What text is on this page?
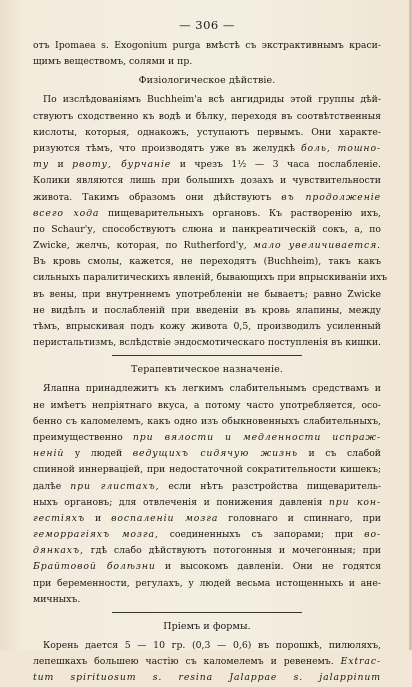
— 306 —
отъ Ipomaea s. Exogonium purga вмѣстѣ съ экстрактивнымъ краси-
щимъ веществомъ, солями и пр.
Физіологическое дѣйствіе.
По изслѣдованіямъ Buchheim'a всѣ ангидриды этой группы дѣй-
ствуютъ сходственно къ водѣ и бѣлку, переходя въ соотвѣтственныя
кислоты, которыя, однакожъ, уступаютъ первымъ. Они характе-
ризуются тѣмъ, что производятъ уже въ желудкѣ боль, тошно-
ту и рвоту, бурчаніе и чрезъ 1½ — 3 часа послабленіе.
Колики являются лишь при большихъ дозахъ и чувствительности
живота. Такимъ образомъ они дѣйствуютъ въ продолженіе
всего хода пищеварительныхъ органовъ. Къ растворенію ихъ,
по Schaur'у, способствуютъ слюна и панкреатическій сокъ, а, по
Zwicke, желчь, которая, по Rutherford'у, мало увеличивается.
Въ кровь смолы, кажется, не переходятъ (Buchheim), такъ какъ
сильныхъ паралитическихъ явленій, бывающихъ при впрыскиваніи ихъ
въ вены, при внутреннемъ употребленіи не бываетъ; равно Zwicke
не видѣлъ и послабленій при введеніи въ кровь ялапины, между
тѣмъ, впрыскивая подъ кожу живота 0,5, производилъ усиленный
перистальтизмъ, вслѣдствіе эндосмотическаго поступленія въ кишки.
Терапевтическое назначеніе.
Ялапна принадлежитъ къ легкимъ слабительнымъ средствамъ и
не имѣетъ непріятнаго вкуса, а потому часто употребляется, осо-
бенно съ каломелемъ, какъ одно изъ обыкновенныхъ слабительныхъ,
преимущественно при вялости и медленности испраж-
неній у людей ведущихъ сидячую жизнь и съ слабой
спинной иннерваціей, при недостаточной сократительности кишекъ;
далѣе при глистахъ, если нѣтъ разстройства пищеваритель-
ныхъ органовъ; для отвлеченія и понижения давленія при кон-
гестіяхъ и воспаленіи мозга головнаго и спиннаго, при
геморрагіяхъ мозга, соединенныхъ съ запорами; при во-
дянкахъ, гдѣ слабо дѣйствуютъ потогонныя и мочегонныя; при
Брайтовой болѣзни и высокомъ давленіи. Они не годятся
при беременности, регулахъ, у людей весьма истощенныхъ и ане-
мичныхъ.
Пріемъ и формы.
Корень дается 5 — 10 гр. (0,3 — 0,6) въ порошкѣ, пилюляхъ,
лепешкахъ большею частію съ каломелемъ и ревенемъ. Extrac-
tum spirituosum s. resina Jalappae s. jalappinum
